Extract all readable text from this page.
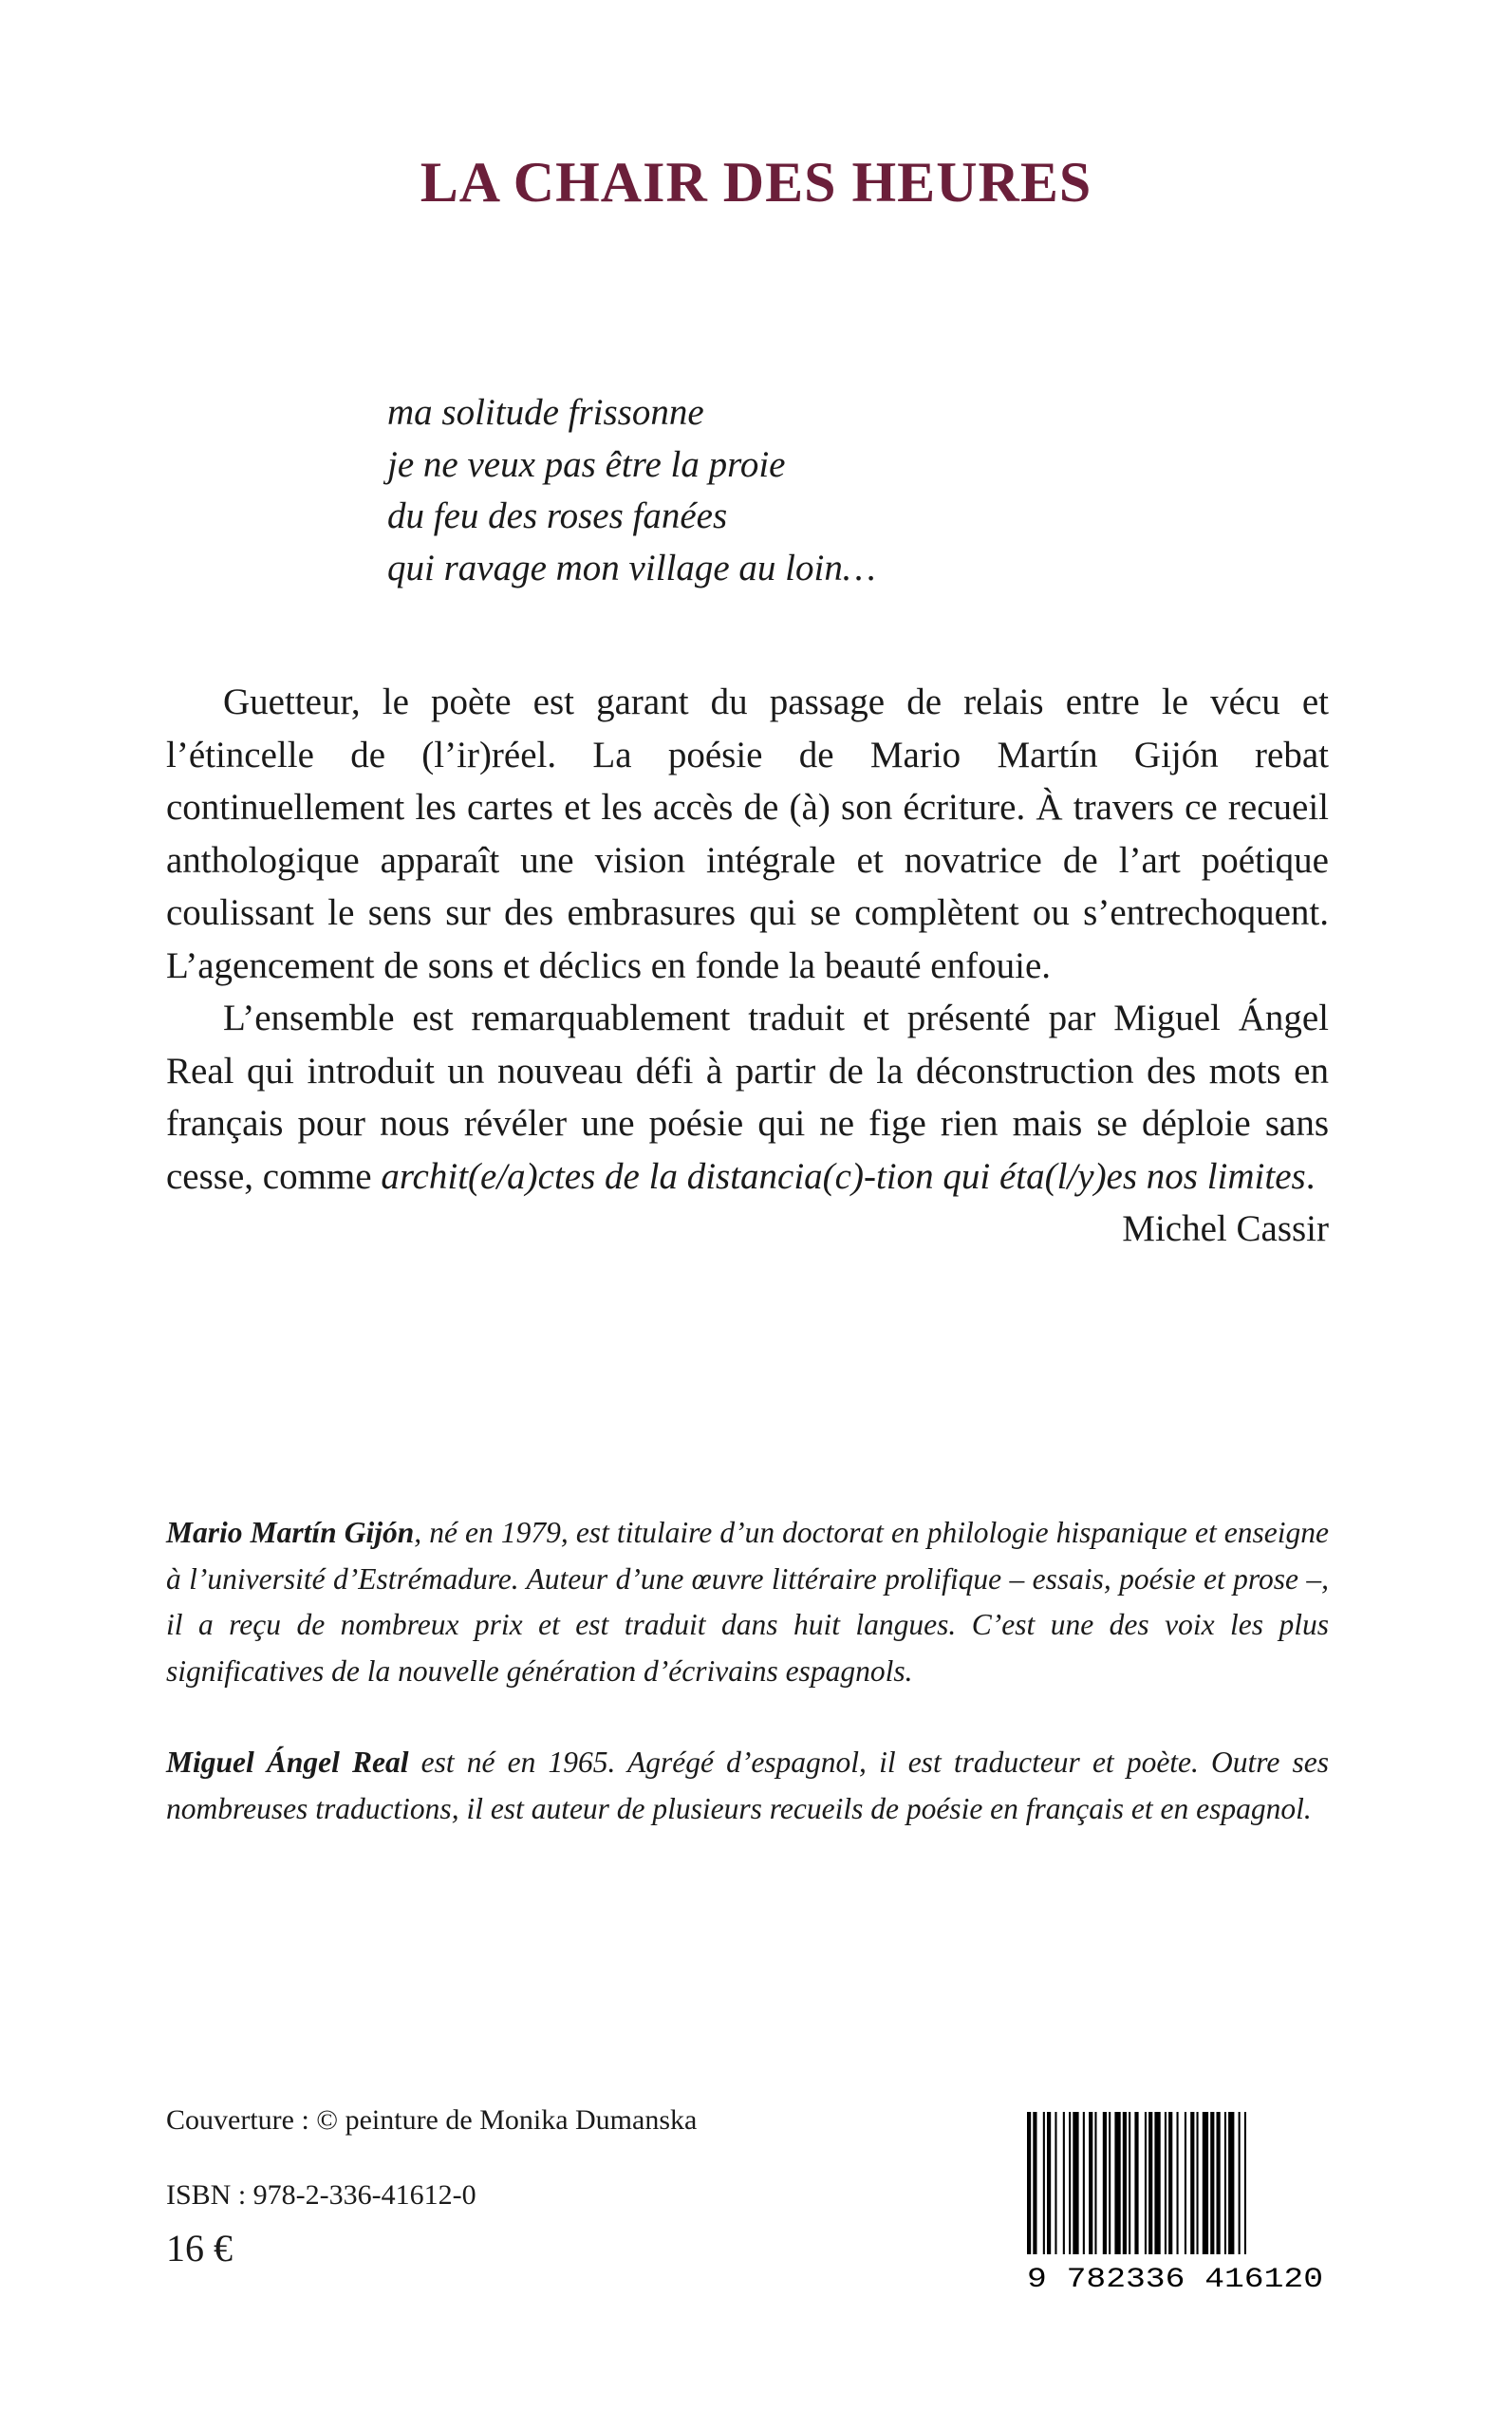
LA CHAIR DES HEURES
ma solitude frissonne
je ne veux pas être la proie
du feu des roses fanées
qui ravage mon village au loin…

Guetteur, le poète est garant du passage de relais entre le vécu et l’étincelle de (l’ir)réel. La poésie de Mario Martín Gijón rebat continuellement les cartes et les accès de (à) son écriture. À travers ce recueil anthologique apparaît une vision intégrale et novatrice de l’art poétique coulissant le sens sur des embrasures qui se complètent ou s’entrechoquent. L’agencement de sons et déclics en fonde la beauté enfouie.

L’ensemble est remarquablement traduit et présenté par Miguel Ángel Real qui introduit un nouveau défi à partir de la déconstruction des mots en français pour nous révéler une poésie qui ne fige rien mais se déploie sans cesse, comme archit(e/a)ctes de la distancia(c)-tion qui éta(l/y)es nos limites.

Michel Cassir

Mario Martín Gijón, né en 1979, est titulaire d’un doctorat en philologie hispanique et enseigne à l’université d’Estrémadure. Auteur d’une œuvre littéraire prolifique – essais, poésie et prose –, il a reçu de nombreux prix et est traduit dans huit langues. C’est une des voix les plus significatives de la nouvelle génération d’écrivains espagnols.

Miguel Ángel Real est né en 1965. Agrégé d’espagnol, il est traducteur et poète. Outre ses nombreuses traductions, il est auteur de plusieurs recueils de poésie en français et en espagnol.

Couverture : © peinture de Monika Dumanska
ISBN : 978-2-336-41612-0
16 €
9 782336 416120
